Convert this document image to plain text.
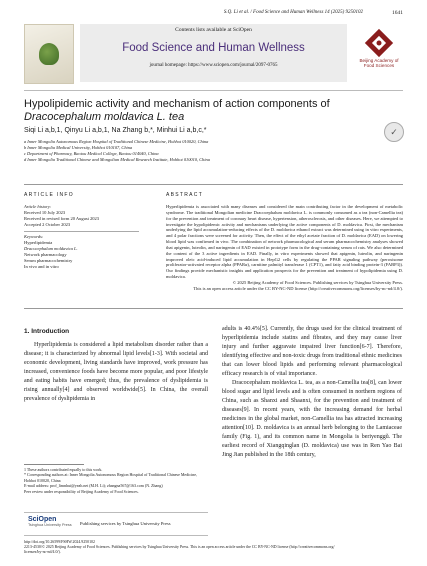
S.Q. Li et al. / Food Science and Human Wellness 14 (2025) 9250102	1641
Contents lists available at SciOpen
Food Science and Human Wellness
journal homepage: https://www.sciopen.com/journal/2097-0765
Beijing Academy of
Food Sciences
Hypolipidemic activity and mechanism of action components of
Dracocephalum moldavica L. tea
✓
Siqi Li a,b,1, Qinyu Li a,b,1, Na Zhang b,*, Minhui Li a,b,c,*
a Inner Mongolia Autonomous Region Hospital of Traditional Chinese Medicine, Hohhot 010020, China
b Inner Mongolia Medical University, Hohhot 010107, China
c Department of Pharmacy, Baotou Medical College, Baotou 014040, China
d Inner Mongolia Traditional Chinese and Mongolian Medical Research Institute, Hohhot 010010, China
ARTICLE INFO	ABSTRACT
Article history:
Received 10 July 2023
Received in revised form 20 August 2023
Accepted 2 October 2023
Keywords:
Hyperlipidemia
Dracocephalum moldavica L.
Network pharmacology
Serum pharmacochemistry
In vivo and in vitro
Hyperlipidemia is associated with many diseases and considered the main contributing factor in the development of metabolic syndrome. The traditional Mongolian medicine Dracocephalum moldavica L. is commonly consumed as a tea (non-Camellia tea) for the prevention and treatment of coronary heart disease, hypertension, atherosclerosis, and other diseases. Here, we attempted to investigate the hypolipidemic activity and mechanisms underlying the active components of D. moldavica. First, the mechanism underlying the lipid accumulation-reducing effects of the D. moldavica ethanol extract was determined using in vitro experiments, and 4 polar fractions were screened for activity. Then, the effect of the ethyl acetate fraction of D. moldavica (EAD) on lowering blood lipid was confirmed in vivo. The combination of network pharmacological and serum pharmacochemistry analyses showed that apigenin, luteolin, and naringenin of EAD existed in prototype form in the drug-containing serum of rats. We also determined the content of the 3 active ingredients in EAD. Finally, in vitro experiments showed that apigenin, luteolin, and naringenin improved oleic acid-induced lipid accumulation in HepG2 cells by regulating the PPAR signaling pathway (peroxisome proliferator-activated receptor alpha (PPARα), carnitine palmityl transferase 1 (CPT1), and fatty acid binding protein-3 (FABP3)). Our findings provide mechanistic insights and application prospects for the prevention and treatment of hypolipidemia using D. moldavica.
© 2025 Beijing Academy of Food Sciences. Publishing services by Tsinghua University Press.
This is an open access article under the CC BY-NC-ND license (http://creativecommons.org/licenses/by-nc-nd/4.0/).
1. Introduction

Hyperlipidemia is considered a lipid metabolism disorder rather than a disease; it is characterized by abnormal lipid levels[1-3]. With societal and economic development, living standards have improved, work pressure has increased, convenience foods have become more popular, and poor lifestyle and eating habits have emerged; thus, the prevalence of dyslipidemia is rising annually[4] and observed worldwide[5]. In China, the overall prevalence of dyslipidemia in

adults is 40.4%[5]. Currently, the drugs used for the clinical treatment of hyperlipidemia include statins and fibrates, and they may cause liver injury and further aggravate impaired liver function[6-7]. Therefore, identifying effective and non-toxic drugs from traditional ethnic medicines that can lower blood lipids and performing relevant pharmacological efficacy research is of vital importance.

Dracocephalum moldavica L. tea, as a non-Camellia tea[8], can lower blood sugar and lipid levels and is often consumed in northern regions of China, such as Shanxi and Shaanxi, for the prevention and treatment of diseases[9]. In recent years, with the increasing demand for herbal medicines in the global market, non-Camellia tea has attracted increasing attention[10]. D. moldavica is an annual herb belonging to the Lamiaceae family (Fig. 1), and its common name in Mongolia is beriyenggŭ. The earliest record of Xiangqinglan (D. moldavica) use was in Ren Yao Bai Jing Jian published in the 18th century,

1 These authors contributed equally to this work.
* Corresponding authors at: Inner Mongolia Autonomous Region Hospital of Traditional Chinese Medicine, Hohhot 010020, China
E-mail address: prof_limnhui@yeah.net (M.H. Li); zhangna567@163.com (N. Zhang)
Peer review under responsibility of Beijing Academy of Food Sciences.
SciOpen
Tsinghua University Press Publishing services by Tsinghua University Press
http://doi.org/10.26599/FSHW.2024.9250102
2213-4530/© 2025 Beijing Academy of Food Sciences. Publishing services by Tsinghua University Press. This is an open access article under the CC BY-NC-ND license (http://creativecommons.org/
licenses/by-nc-nd/4.0/).
